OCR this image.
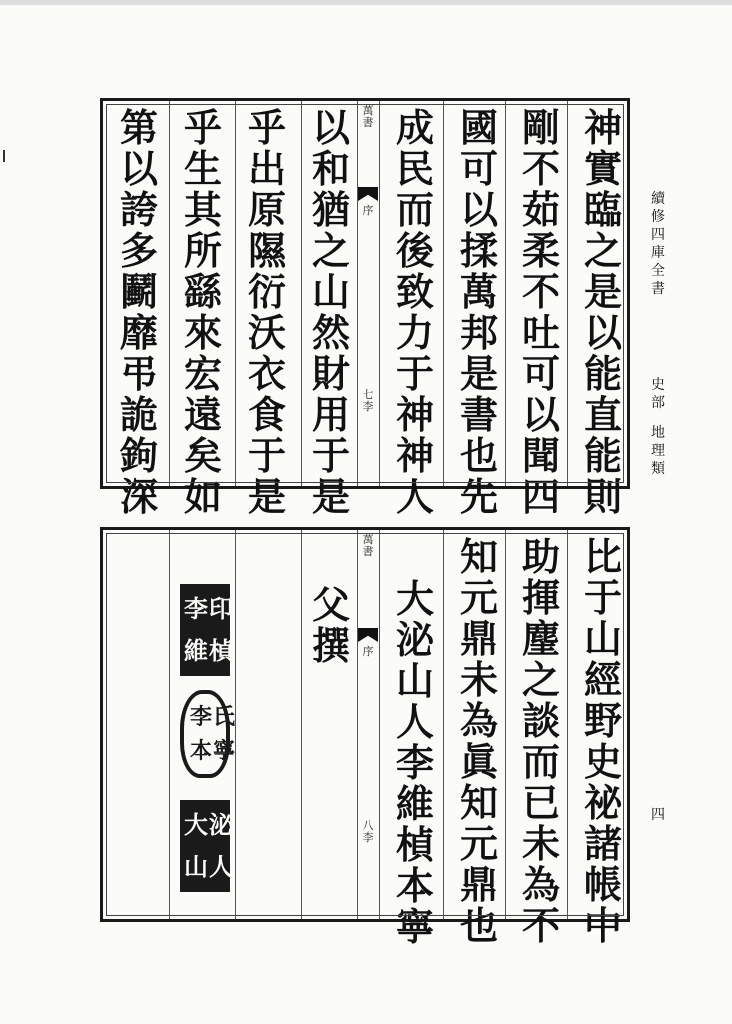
神
實
臨
之
是
以
能
直
能
則
剛
不
茹
柔
不
吐
可
以
聞
四
國
可
以
揉
萬
邦
是
書
也
先
成
民
而
後
致
力
于
神
神
人
以
和
猶
之
山
然
財
用
于
是
乎
出
原
隰
衍
沃
衣
食
于
是
乎
生
其
所
繇
來
宏
遠
矣
如
第
以
誇
多
鬬
靡
弔
詭
鉤
深
萬
書
序
七
李
比
于
山
經
野
史
祕
諸
帳
中
助
揮
麈
之
談
而
已
未
為
不
知
元
鼎
未
為
眞
知
元
鼎
也
大
泌
山
人
李
維
楨
本
寧
父
撰
萬
書
序
八
李
李 印
維 楨
李 氏
本 寧
大 泌
山 人
續
修
四
庫
全
書
史
部
地
理
類
四
